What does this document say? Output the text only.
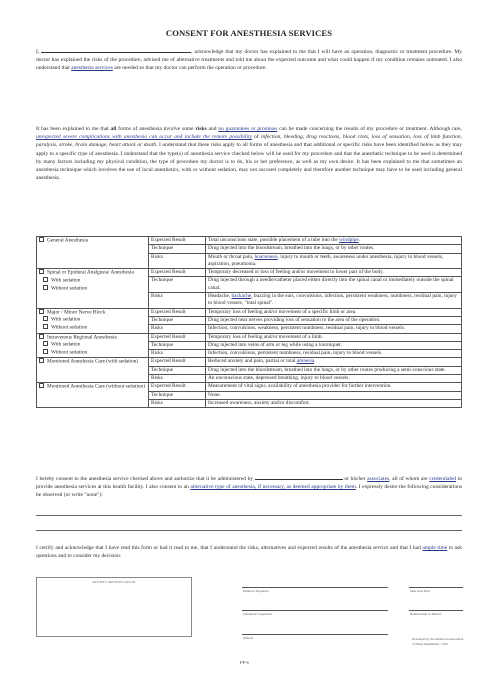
CONSENT FOR ANESTHESIA SERVICES
I,	, acknowledge that my doctor has explained to me that I will have an operation, diagnostic or treatment procedure. My doctor has explained the risks of the procedure, advised me of alternative treatments and told me about the expected outcome and what could happen if my condition remains untreated. I also understand that anesthesia services are needed so that my doctor can perform the operation or procedure.
It has been explained to me that all forms of anesthesia involve some risks and no guarantees or promises can be made concerning the results of my procedure or treatment. Although rare, unexpected severe complications with anesthesia can occur and include the remote possibility of infection, bleeding, drug reactions, blood clots, loss of sensation, loss of limb function, paralysis, stroke, brain damage, heart attack or death. I understand that these risks apply to all forms of anesthesia and that additional or specific risks have been identified below as they may apply to a specific type of anesthesia. I understand that the type(s) of anesthesia service checked below will be used for my procedure and that the anesthetic technique to be used is determined by many factors including my physical condition, the type of procedure my doctor is to do, his or her preference, as well as my own desire. It has been explained to me that sometimes an anesthesia technique which involves the use of local anesthetics, with or without sedation, may not succeed completely and therefore another technique may have to be used including general anesthesia.
General Anesthesia	Expected Result	Total unconscious state, possible placement of a tube into the windpipe.
	Technique	Drug injected into the bloodstream, breathed into the lungs, or by other routes.
	Risks	Mouth or throat pain, hoarseness, injury to mouth or teeth, awareness under anesthesia, injury to blood vessels, aspiration, pneumonia.
Spinal or Epidural Analgesia/ Anesthesia
With sedation
Without sedation	Expected Result	Temporary decreased or loss of feeling and/or movement to lower part of the body.
	Technique	Drug injected through a needle/catheter placed either directly into the spinal canal or immediately outside the spinal canal.
	Risks	Headache, backache, buzzing in the ears, convulsions, infection, persistent weakness, numbness, residual pain, injury to blood vessels, "total spinal".
Major / Minor Nerve Block
With sedation
Without sedation	Expected Result	Temporary loss of feeling and/or movement of a specific limb or area.
	Technique	Drug injected near nerves providing loss of sensation to the area of the operation.
	Risks	Infection, convulsions, weakness, persistent numbness, residual pain, injury to blood vessels.
Intravenous Regional Anesthesia
With sedation
Without sedation	Expected Result	Temporary loss of feeling and/or movement of a limb.
	Technique	Drug injected into veins of arm or leg while using a tourniquet.
	Risks	Infection, convulsions, persistent numbness, residual pain, injury to blood vessels.
Monitored Anesthesia Care (with sedation)	Expected Result	Reduced anxiety and pain, partial or total amnesia.
	Technique	Drug injected into the bloodstream, breathed into the lungs, or by other routes producing a semi-conscious state.
	Risks	An unconscious state, depressed breathing, injury to blood vessels.
Monitored Anesthesia Care (without sedation)	Expected Result	Measurement of vital signs, availability of anesthesia provider for further intervention.
	Technique	None.
	Risks	Increased awareness, anxiety and/or discomfort.
I hereby consent to the anesthesia service checked above and authorize that it be administered by	or his/her associates, all of whom are credentialed to provide anesthesia services at this health facility. I also consent to an alternative type of anesthesia, if necessary, as deemed appropriate by them. I expressly desire the following considerations be observed (or write "none"):
I certify and acknowledge that I have read this form or had it read to me, that I understand the risks, alternatives and expected results of the anesthesia service and that I had ample time to ask questions and to consider my decision.
PATIENT IDENTIFICATION
Patient's Signature	Date and Time
Substitute's Signature	Relationship to Patient
Witness	Developed by the American Association
of Nurse Anesthetists - 1997
PP-6
